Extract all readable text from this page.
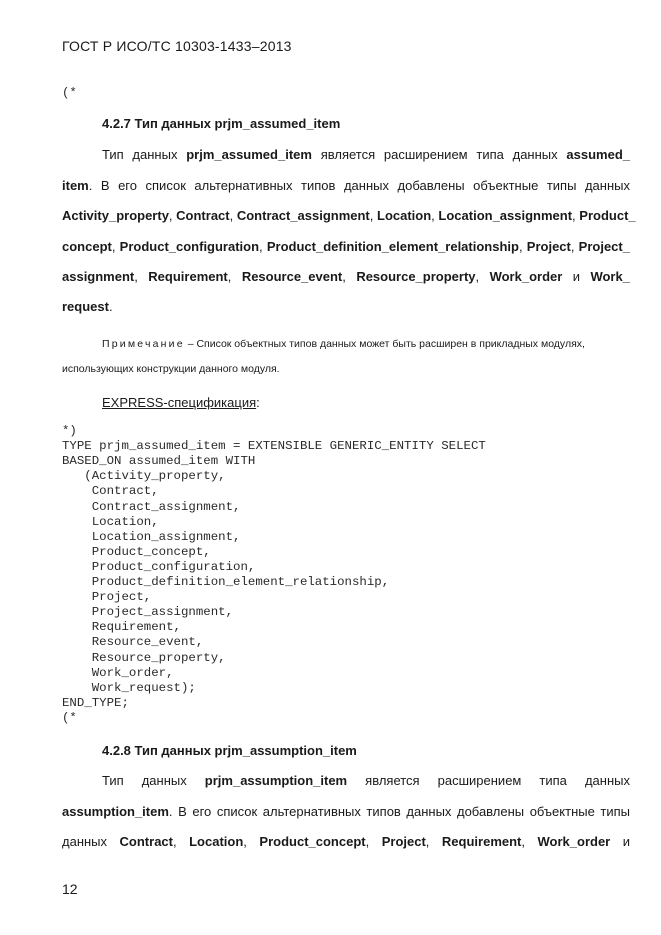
ГОСТ Р ИСО/ТС 10303-1433–2013
(*
4.2.7 Тип данных prjm_assumed_item
Тип данных prjm_assumed_item является расширением типа данных assumed_
item. В его список альтернативных типов данных добавлены объектные типы данных
Activity_property, Contract, Contract_assignment, Location, Location_assignment, Product_
concept, Product_configuration, Product_definition_element_relationship, Project, Project_
assignment, Requirement, Resource_event, Resource_property, Work_order и Work_
request.
Примечание – Список объектных типов данных может быть расширен в прикладных модулях,
использующих конструкции данного модуля.
EXPRESS-спецификация:
*)
TYPE prjm_assumed_item = EXTENSIBLE GENERIC_ENTITY SELECT
BASED_ON assumed_item WITH
(Activity_property,
Contract,
Contract_assignment,
Location,
Location_assignment,
Product_concept,
Product_configuration,
Product_definition_element_relationship,
Project,
Project_assignment,
Requirement,
Resource_event,
Resource_property,
Work_order,
Work_request);
END_TYPE;
(*
4.2.8 Тип данных prjm_assumption_item
Тип данных prjm_assumption_item является расширением типа данных
assumption_item. В его список альтернативных типов данных добавлены объектные типы
данных Contract, Location, Product_concept, Project, Requirement, Work_order и
12
